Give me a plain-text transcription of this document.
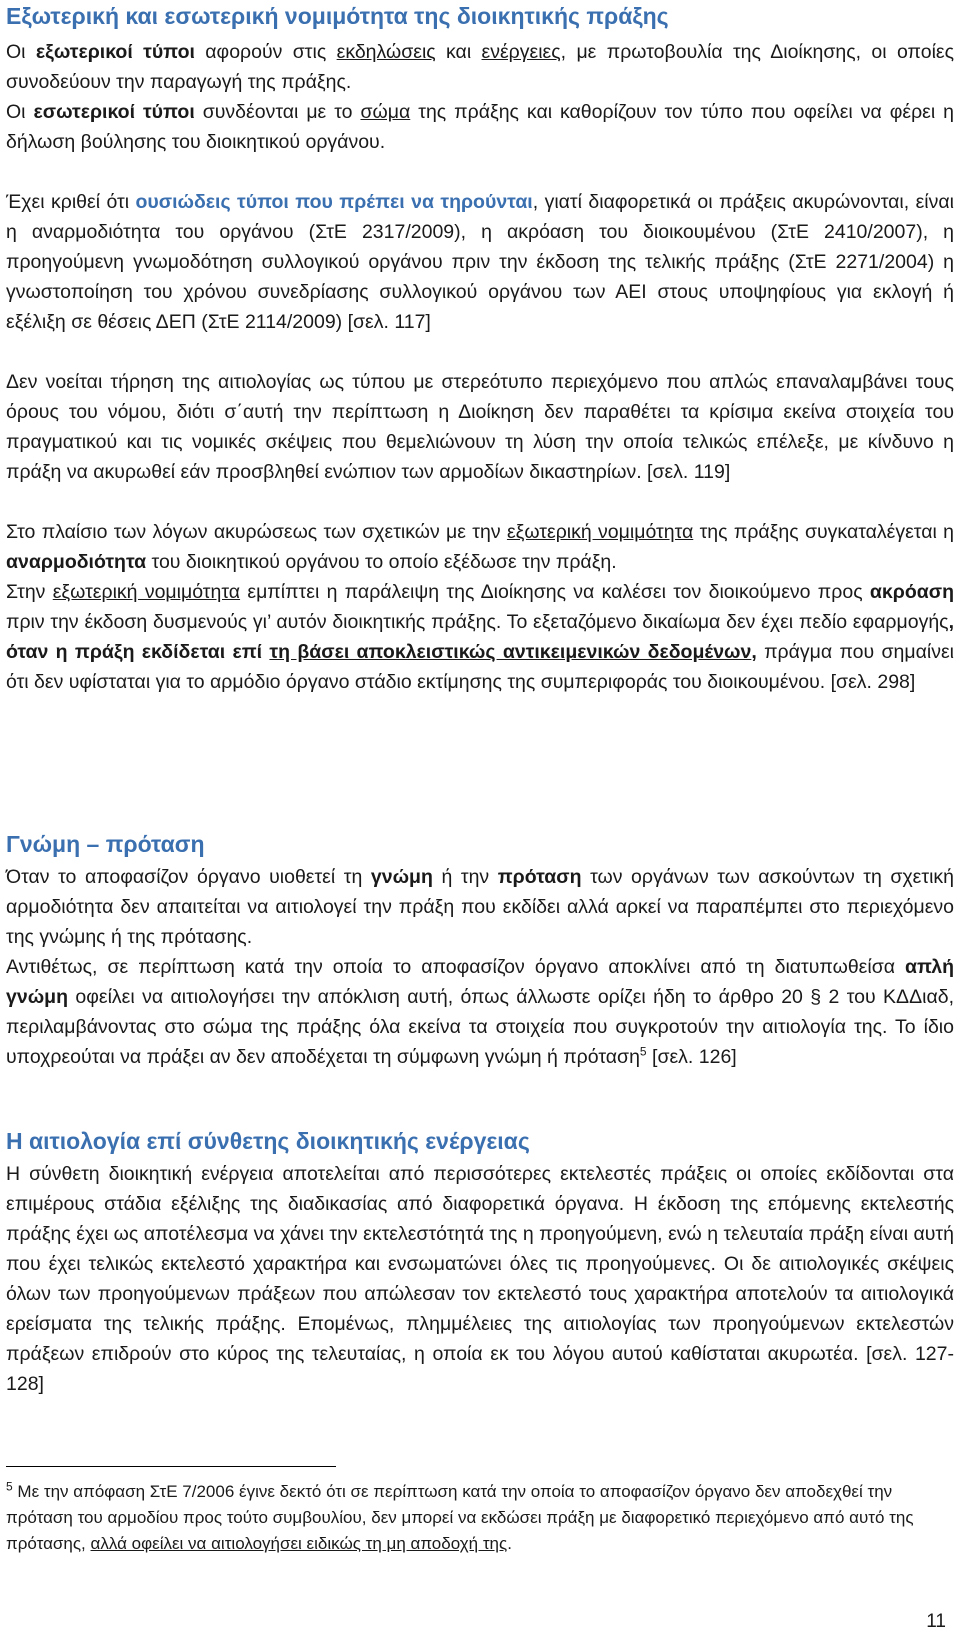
Εξωτερική και εσωτερική νομιμότητα της διοικητικής πράξης

Οι εξωτερικοί τύποι αφορούν στις εκδηλώσεις και ενέργειες, με πρωτοβουλία της Διοίκησης, οι οποίες συνοδεύουν την παραγωγή της πράξης.

Οι εσωτερικοί τύποι συνδέονται με το σώμα της πράξης και καθορίζουν τον τύπο που οφείλει να φέρει η δήλωση βούλησης του διοικητικού οργάνου.

Έχει κριθεί ότι ουσιώδεις τύποι που πρέπει να τηρούνται, γιατί διαφορετικά οι πράξεις ακυρώνονται, είναι η αναρμοδιότητα του οργάνου (ΣτΕ 2317/2009), η ακρόαση του διοικουμένου (ΣτΕ 2410/2007), η προηγούμενη γνωμοδότηση συλλογικού οργάνου πριν την έκδοση της τελικής πράξης (ΣτΕ 2271/2004) η γνωστοποίηση του χρόνου συνεδρίασης συλλογικού οργάνου των ΑΕΙ στους υποψηφίους για εκλογή ή εξέλιξη σε θέσεις ΔΕΠ (ΣτΕ 2114/2009) [σελ. 117]

Δεν νοείται τήρηση της αιτιολογίας ως τύπου με στερεότυπο περιεχόμενο που απλώς επαναλαμβάνει τους όρους του νόμου, διότι σ΄αυτή την περίπτωση η Διοίκηση δεν παραθέτει τα κρίσιμα εκείνα στοιχεία του πραγματικού και τις νομικές σκέψεις που θεμελιώνουν τη λύση την οποία τελικώς επέλεξε, με κίνδυνο η πράξη να ακυρωθεί εάν προσβληθεί ενώπιον των αρμοδίων δικαστηρίων. [σελ. 119]

Στο πλαίσιο των λόγων ακυρώσεως των σχετικών με την εξωτερική νομιμότητα της πράξης συγκαταλέγεται η αναρμοδιότητα του διοικητικού οργάνου το οποίο εξέδωσε την πράξη.

Στην εξωτερική νομιμότητα εμπίπτει η παράλειψη της Διοίκησης να καλέσει τον διοικούμενο προς ακρόαση πριν την έκδοση δυσμενούς γι’ αυτόν διοικητικής πράξης. Το εξεταζόμενο δικαίωμα δεν έχει πεδίο εφαρμογής, όταν η πράξη εκδίδεται επί τη βάσει αποκλειστικώς αντικειμενικών δεδομένων, πράγμα που σημαίνει ότι δεν υφίσταται για το αρμόδιο όργανο στάδιο εκτίμησης της συμπεριφοράς του διοικουμένου. [σελ. 298]

Γνώμη – πρόταση

Όταν το αποφασίζον όργανο υιοθετεί τη γνώμη ή την πρόταση των οργάνων των ασκούντων τη σχετική αρμοδιότητα δεν απαιτείται να αιτιολογεί την πράξη που εκδίδει αλλά αρκεί να παραπέμπει στο περιεχόμενο της γνώμης ή της πρότασης.

Αντιθέτως, σε περίπτωση κατά την οποία το αποφασίζον όργανο αποκλίνει από τη διατυπωθείσα απλή γνώμη οφείλει να αιτιολογήσει την απόκλιση αυτή, όπως άλλωστε ορίζει ήδη το άρθρο 20 § 2 του ΚΔΔιαδ, περιλαμβάνοντας στο σώμα της πράξης όλα εκείνα τα στοιχεία που συγκροτούν την αιτιολογία της. Το ίδιο υποχρεούται να πράξει αν δεν αποδέχεται τη σύμφωνη γνώμη ή πρόταση$^5$ [σελ. 126]

Η αιτιολογία επί σύνθετης διοικητικής ενέργειας

Η σύνθετη διοικητική ενέργεια αποτελείται από περισσότερες εκτελεστές πράξεις οι οποίες εκδίδονται στα επιμέρους στάδια εξέλιξης της διαδικασίας από διαφορετικά όργανα. Η έκδοση της επόμενης εκτελεστής πράξης έχει ως αποτέλεσμα να χάνει την εκτελεστότητά της η προηγούμενη, ενώ η τελευταία πράξη είναι αυτή που έχει τελικώς εκτελεστό χαρακτήρα και ενσωματώνει όλες τις προηγούμενες. Οι δε αιτιολογικές σκέψεις όλων των προηγούμενων πράξεων που απώλεσαν τον εκτελεστό τους χαρακτήρα αποτελούν τα αιτιολογικά ερείσματα της τελικής πράξης. Επομένως, πλημμέλειες της αιτιολογίας των προηγούμενων εκτελεστών πράξεων επιδρούν στο κύρος της τελευταίας, η οποία εκ του λόγου αυτού καθίσταται ακυρωτέα. [σελ. 127-128]

$^5$ Με την απόφαση ΣτΕ 7/2006 έγινε δεκτό ότι σε περίπτωση κατά την οποία το αποφασίζον όργανο δεν αποδεχθεί την πρόταση του αρμοδίου προς τούτο συμβουλίου, δεν μπορεί να εκδώσει πράξη με διαφορετικό περιεχόμενο από αυτό της πρότασης, αλλά οφείλει να αιτιολογήσει ειδικώς τη μη αποδοχή της.

11
